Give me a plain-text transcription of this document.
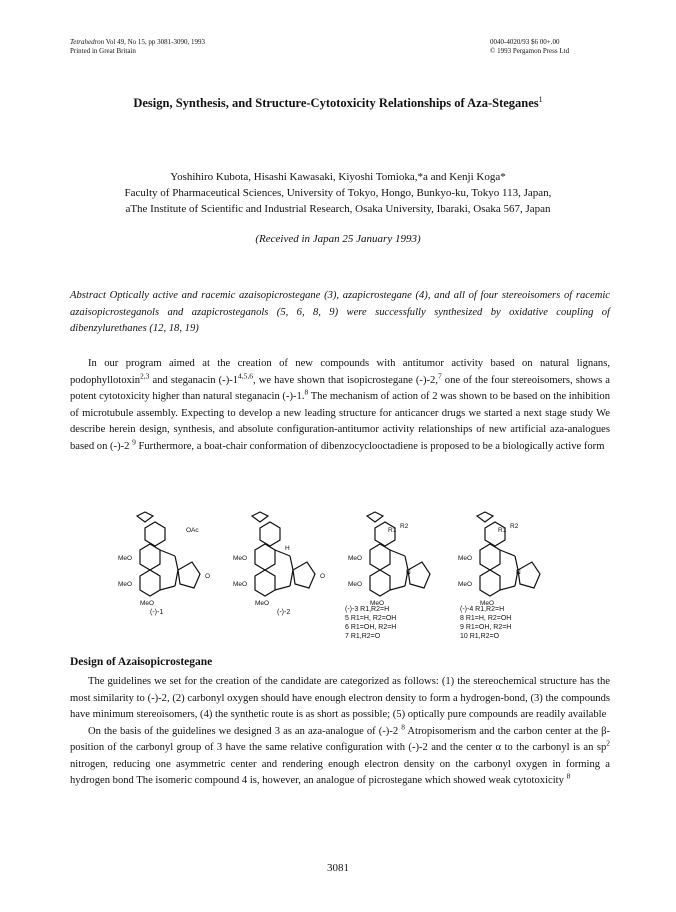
Tetrahedron Vol 49, No 15, pp 3081-3090, 1993
Printed in Great Britain
0040-4020/93 $6 00+.00
© 1993 Pergamon Press Ltd
Design, Synthesis, and Structure-Cytotoxicity Relationships of Aza-Steganes$^1$
Yoshihiro Kubota, Hisashi Kawasaki, Kiyoshi Tomioka,*a and Kenji Koga*
Faculty of Pharmaceutical Sciences, University of Tokyo, Hongo, Bunkyo-ku, Tokyo 113, Japan,
aThe Institute of Scientific and Industrial Research, Osaka University, Ibaraki, Osaka 567, Japan
(Received in Japan 25 January 1993)
Abstract Optically active and racemic azaisopicrostegane (3), azapicrostegane (4), and all of four stereoisomers of racemic azaisopicrosteganols and azapicrosteganols (5, 6, 8, 9) were successfully synthesized by oxidative coupling of dibenzylurethanes (12, 18, 19)

In our program aimed at the creation of new compounds with antitumor activity based on natural lignans, podophyllotoxin$^{2,3}$ and steganacin (-)-1$^{4,5,6}$, we have shown that isopicrostegane (-)-2,$^7$ one of the four stereoisomers, shows a potent cytotoxicity higher than natural steganacin (-)-1.$^8$ The mechanism of action of 2 was shown to be based on the inhibition of microtubule assembly. Expecting to develop a new leading structure for anticancer drugs we started a next stage study We describe herein design, synthesis, and absolute configuration-antitumor activity relationships of new artificial aza-analogues based on (-)-2 $^9$ Furthermore, a boat-chair conformation of dibenzocyclooctadiene is proposed to be a biologically active form

MeO
MeO
MeO
OAc
O
MeO
MeO
MeO
H
O
MeO
MeO
MeO
R1
R2
N
MeO
MeO
MeO
R1
R2
N
(-)-1	(-)-2	(-)-3 R1,R2=H
5 R1=H, R2=OH
6 R1=OH, R2=H
7 R1,R2=O
(-)-4 R1,R2=H
8 R1=H, R2=OH
9 R1=OH, R2=H
10 R1,R2=O
Design of Azaisopicrostegane

The guidelines we set for the creation of the candidate are categorized as follows: (1) the stereochemical structure has the most similarity to (-)-2, (2) carbonyl oxygen should have enough electron density to form a hydrogen-bond, (3) the compounds have minimum stereoisomers, (4) the synthetic route is as short as possible; (5) optically pure compounds are readily available

On the basis of the guidelines we designed 3 as an aza-analogue of (-)-2 $^8$ Atropisomerism and the carbon center at the β-position of the carbonyl group of 3 have the same relative configuration with (-)-2 and the center α to the carbonyl is an $sp^2$ nitrogen, reducing one asymmetric center and rendering enough electron density on the carbonyl oxygen in forming a hydrogen bond The isomeric compound 4 is, however, an analogue of picrostegane which showed weak cytotoxicity $^8$

3081
